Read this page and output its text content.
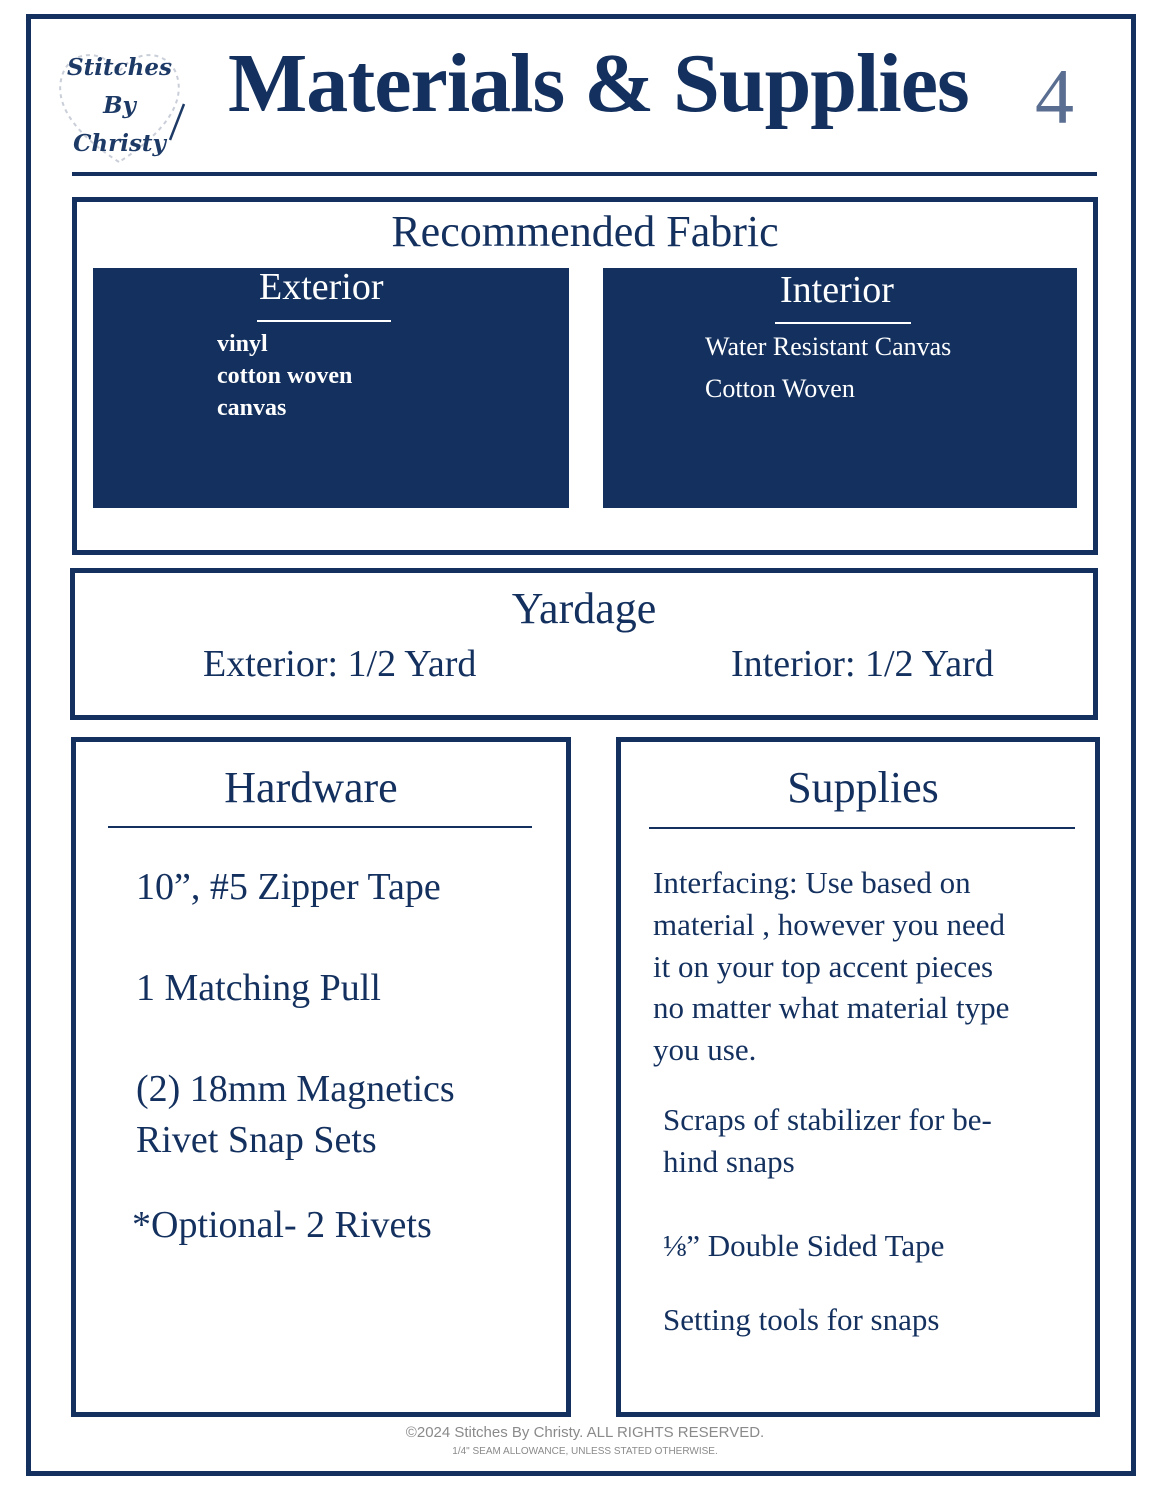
Stitches
By
Christy
Materials & Supplies 4
Recommended Fabric
Exterior
vinyl
cotton woven
canvas
Interior
Water Resistant Canvas
Cotton Woven
Yardage
Exterior: 1/2 Yard	Interior: 1/2 Yard
Hardware
10”, #5 Zipper Tape
1 Matching Pull
(2) 18mm Magnetics
Rivet Snap Sets
*Optional- 2 Rivets
Supplies
Interfacing: Use based on
material , however you need
it on your top accent pieces
no matter what material type
you use.
Scraps of stabilizer for be-
hind snaps
⅛” Double Sided Tape
Setting tools for snaps
©2024 Stitches By Christy. ALL RIGHTS RESERVED.
1/4" SEAM ALLOWANCE, UNLESS STATED OTHERWISE.
